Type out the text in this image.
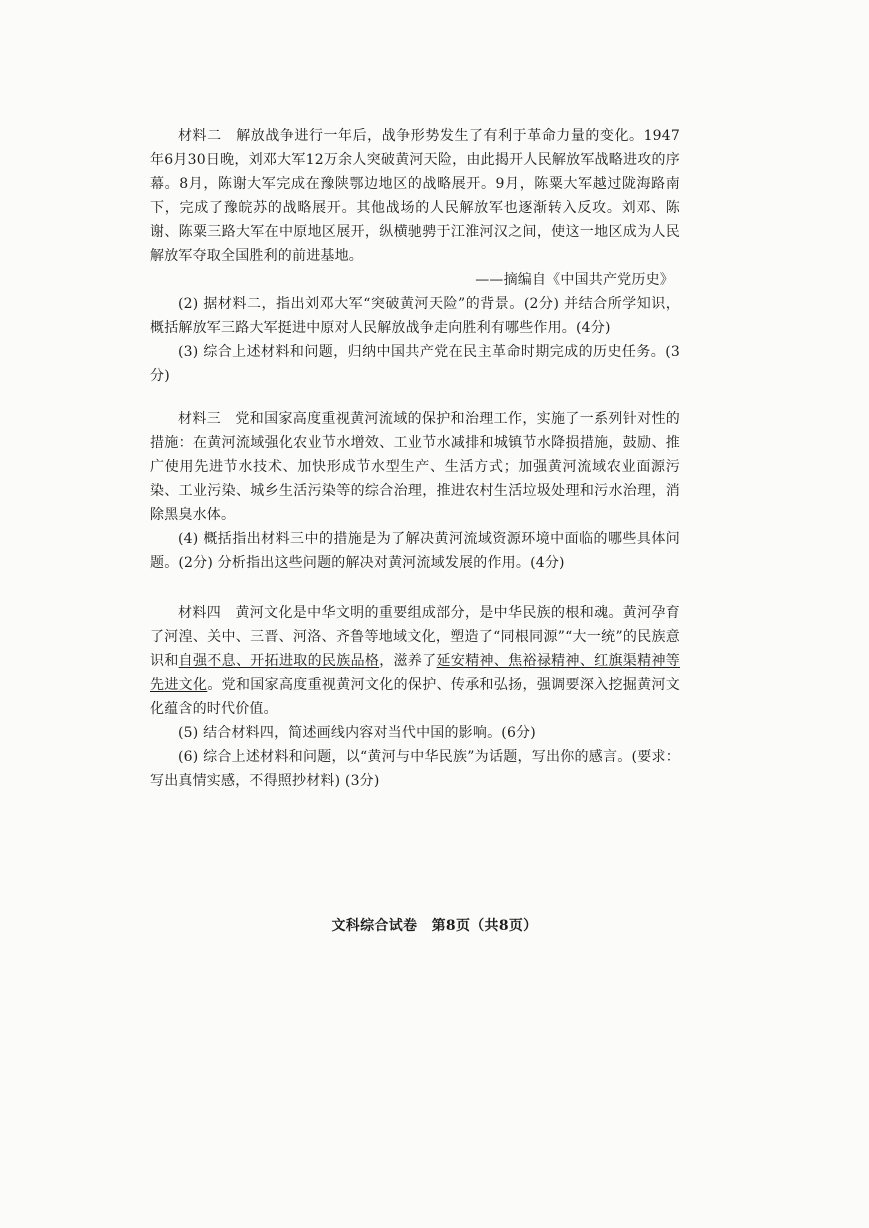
材料二　 解放战争进行一年后，战争形势发生了有利于革命力量的变化。1947年6月30日晚，刘邓大军12万余人突破黄河天险，由此揭开人民解放军战略进攻的序幕。8月，陈谢大军完成在豫陕鄂边地区的战略展开。9月，陈粟大军越过陇海路南下，完成了豫皖苏的战略展开。其他战场的人民解放军也逐渐转入反攻。刘邓、陈谢、陈粟三路大军在中原地区展开，纵横驰骋于江淮河汉之间，使这一地区成为人民解放军夺取全国胜利的前进基地。

——摘编自《中国共产党历史》

(2) 据材料二，指出刘邓大军“突破黄河天险”的背景。(2分) 并结合所学知识，概括解放军三路大军挺进中原对人民解放战争走向胜利有哪些作用。(4分)

(3) 综合上述材料和问题，归纳中国共产党在民主革命时期完成的历史任务。(3分)

材料三　 党和国家高度重视黄河流域的保护和治理工作，实施了一系列针对性的措施：在黄河流域强化农业节水增效、工业节水减排和城镇节水降损措施，鼓励、推广使用先进节水技术、加快形成节水型生产、生活方式；加强黄河流域农业面源污染、工业污染、城乡生活污染等的综合治理，推进农村生活垃圾处理和污水治理，消除黑臭水体。

(4) 概括指出材料三中的措施是为了解决黄河流域资源环境中面临的哪些具体问题。(2分) 分析指出这些问题的解决对黄河流域发展的作用。(4分)

材料四　 黄河文化是中华文明的重要组成部分，是中华民族的根和魂。黄河孕育了河湟、关中、三晋、河洛、齐鲁等地域文化，塑造了“同根同源”“大一统”的民族意识和自强不息、开拓进取的民族品格，滋养了延安精神、焦裕禄精神、红旗渠精神等先进文化。党和国家高度重视黄河文化的保护、传承和弘扬，强调要深入挖掘黄河文化蕴含的时代价值。

(5) 结合材料四，简述画线内容对当代中国的影响。(6分)

(6) 综合上述材料和问题，以“黄河与中华民族”为话题，写出你的感言。(要求：写出真情实感，不得照抄材料) (3分)

文科综合试卷　第8页（共8页）
